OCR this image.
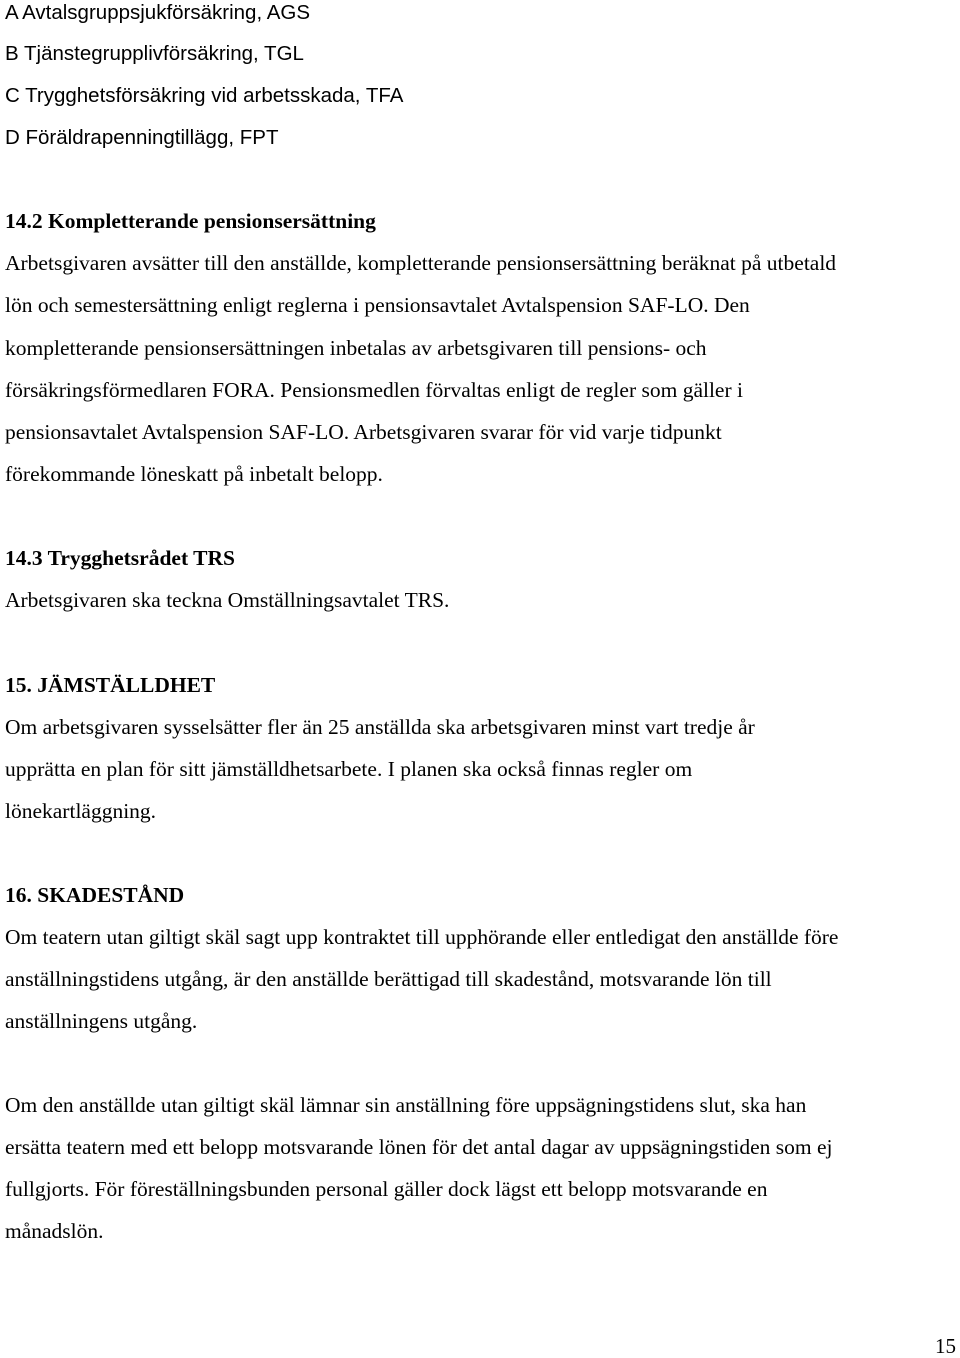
A Avtalsgruppsjukförsäkring, AGS
B Tjänstegrupplivförsäkring, TGL
C Trygghetsförsäkring vid arbetsskada, TFA
D Föräldrapenningtillägg, FPT
14.2 Kompletterande pensionsersättning
Arbetsgivaren avsätter till den anställde, kompletterande pensionsersättning beräknat på utbetald
lön och semestersättning enligt reglerna i pensionsavtalet Avtalspension SAF-LO. Den
kompletterande pensionsersättningen inbetalas av arbetsgivaren till pensions- och
försäkringsförmedlaren FORA. Pensionsmedlen förvaltas enligt de regler som gäller i
pensionsavtalet Avtalspension SAF-LO. Arbetsgivaren svarar för vid varje tidpunkt
förekommande löneskatt på inbetalt belopp.
14.3 Trygghetsrådet TRS
Arbetsgivaren ska teckna Omställningsavtalet TRS.
15. JÄMSTÄLLDHET
Om arbetsgivaren sysselsätter fler än 25 anställda ska arbetsgivaren minst vart tredje år
upprätta en plan för sitt jämställdhetsarbete. I planen ska också finnas regler om
lönekartläggning.
16. SKADESTÅND
Om teatern utan giltigt skäl sagt upp kontraktet till upphörande eller entledigat den anställde före
anställningstidens utgång, är den anställde berättigad till skadestånd, motsvarande lön till
anställningens utgång.
Om den anställde utan giltigt skäl lämnar sin anställning före uppsägningstidens slut, ska han
ersätta teatern med ett belopp motsvarande lönen för det antal dagar av uppsägningstiden som ej
fullgjorts. För föreställningsbunden personal gäller dock lägst ett belopp motsvarande en
månadslön.
15
